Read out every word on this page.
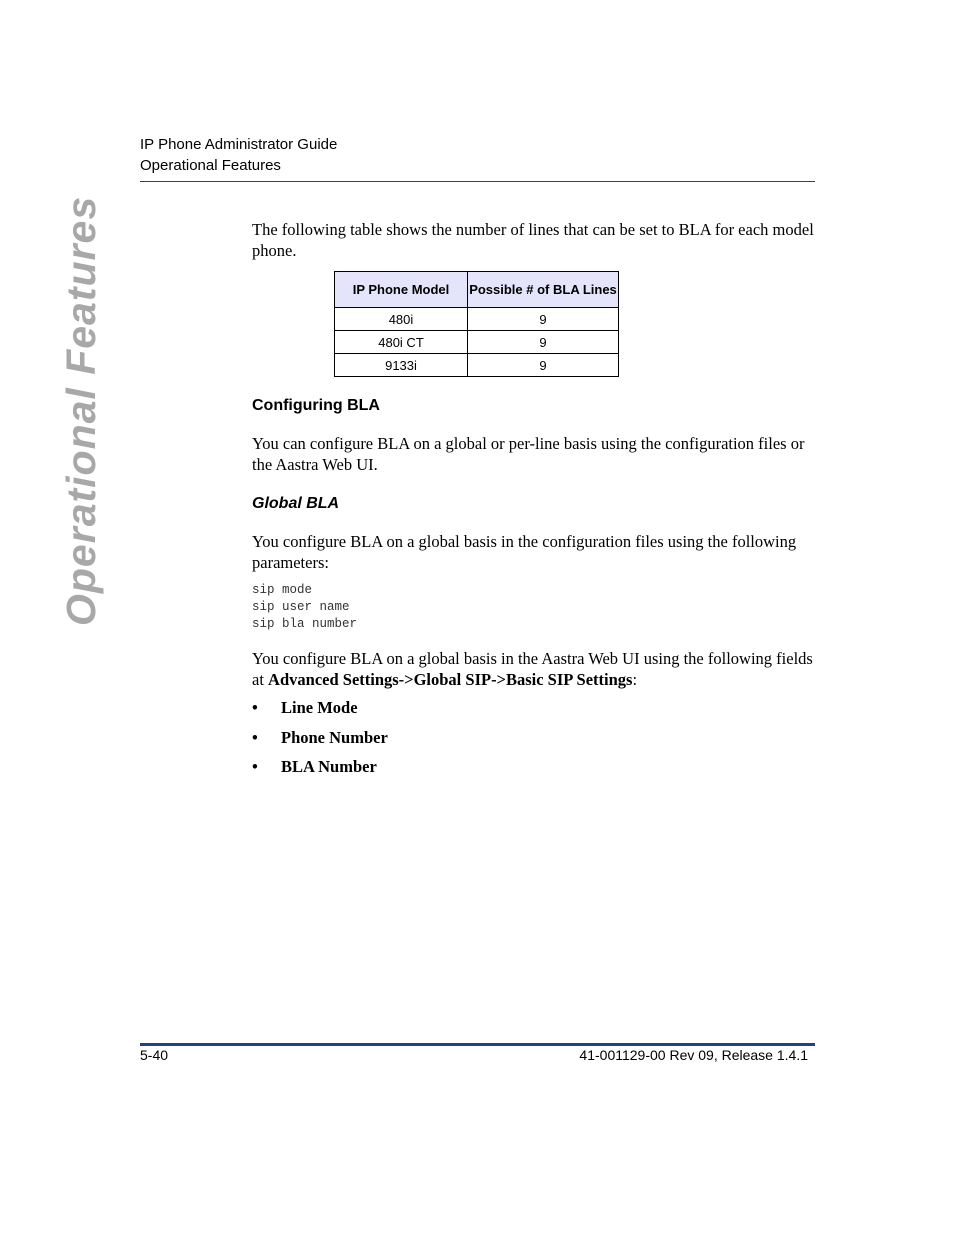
IP Phone Administrator Guide
Operational Features
Operational Features	The following table shows the number of lines that can be set to BLA for each model phone.
IP Phone Model	Possible # of BLA Lines
480i	9
480i CT	9
9133i	9
Configuring BLA
You can configure BLA on a global or per-line basis using the configuration files or the Aastra Web UI.
Global BLA
You configure BLA on a global basis in the configuration files using the following parameters:
sip mode
sip user name
sip bla number
You configure BLA on a global basis in the Aastra Web UI using the following fields at Advanced Settings->Global SIP->Basic SIP Settings:
• Line Mode
• Phone Number
• BLA Number
5-40	41-001129-00 Rev 09, Release 1.4.1
